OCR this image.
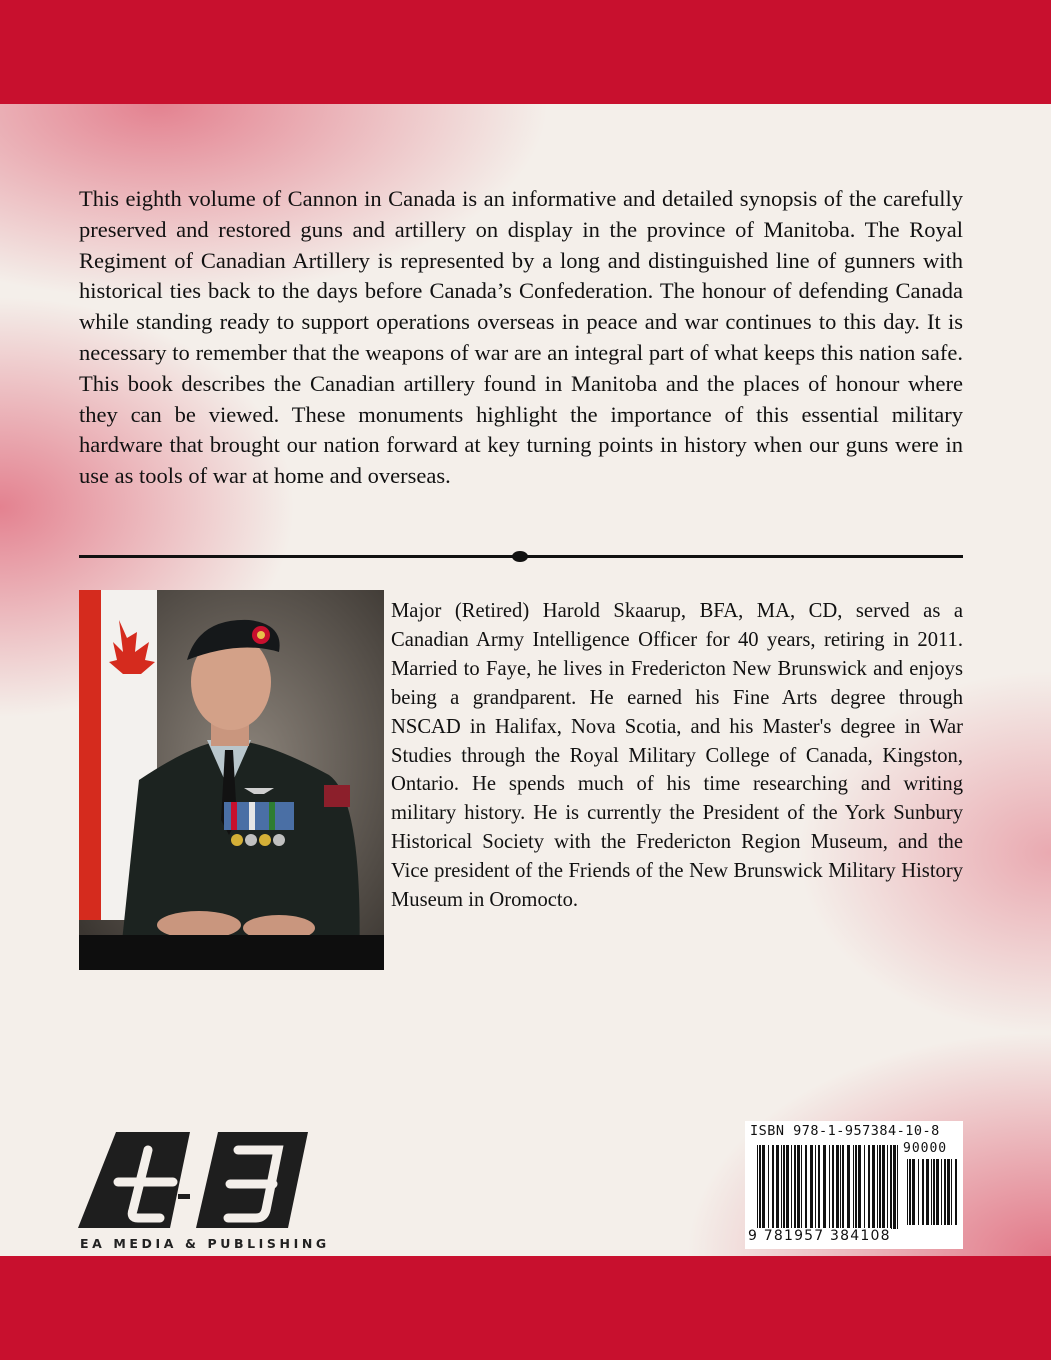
This eighth volume of Cannon in Canada is an informative and detailed synopsis of the carefully preserved and restored guns and artillery on display in the province of Manitoba. The Royal Regiment of Canadian Artillery is represented by a long and distinguished line of gunners with historical ties back to the days before Canada’s Confederation. The honour of defending Canada while standing ready to support operations overseas in peace and war continues to this day. It is necessary to remember that the weapons of war are an integral part of what keeps this nation safe. This book describes the Canadian artillery found in Manitoba and the places of honour where they can be viewed. These monuments highlight the importance of this essential military hardware that brought our nation forward at key turning points in history when our guns were in use as tools of war at home and overseas.

Major (Retired) Harold Skaarup, BFA, MA, CD, served as a Canadian Army Intelligence Officer for 40 years, retiring in 2011. Married to Faye, he lives in Fredericton New Brunswick and enjoys being a grandparent. He earned his Fine Arts degree through NSCAD in Halifax, Nova Scotia, and his Master's degree in War Studies through the Royal Military College of Canada, Kingston, Ontario. He spends much of his time researching and writing military history. He is currently the President of the York Sunbury Historical Society with the Fredericton Region Museum, and the Vice president of the Friends of the New Brunswick Military History Museum in Oromocto.

EA MEDIA & PUBLISHING
ISBN 978-1-957384-10-8
90000
9 781957 384108
